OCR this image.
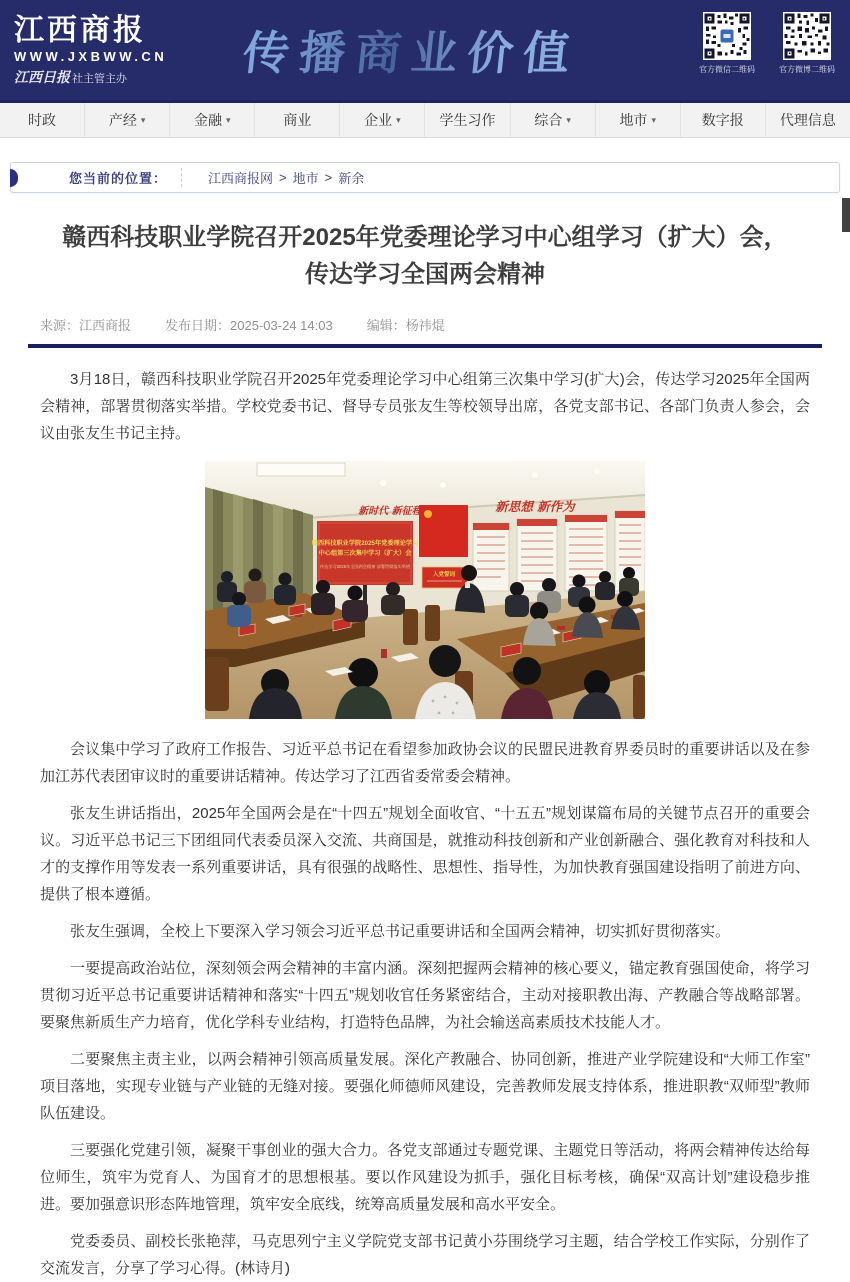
江西商报
WWW.JXBWW.CN
江西日报 社主管主办	传播商业价值	官方微信二维码	官方微博二维码
时政	产经 ▾	金融 ▾	商业	企业 ▾	学生习作	综合 ▾	地市 ▾	数字报	代理信息
您当前的位置：	江西商报网 > 地市 > 新余
赣西科技职业学院召开2025年党委理论学习中心组学习（扩大）会，传达学习全国两会精神
来源：江西商报	发布日期：2025-03-24 14:03	编辑：杨祎焜

3月18日，赣西科技职业学院召开2025年党委理论学习中心组第三次集中学习(扩大)会，传达学习2025年全国两会精神，部署贯彻落实举措。学校党委书记、督导专员张友生等校领导出席，各党支部书记、各部门负责人参会，会议由张友生书记主持。

赣西科技职业学院2025年党委理论学习
中心组第三次集中学习（扩大）会
传达学习2025年全国两会精神 部署贯彻落实举措
入党誓词
新时代 新征程	新思想 新作为

会议集中学习了政府工作报告、习近平总书记在看望参加政协会议的民盟民进教育界委员时的重要讲话以及在参加江苏代表团审议时的重要讲话精神。传达学习了江西省委常委会精神。

张友生讲话指出，2025年全国两会是在“十四五”规划全面收官、“十五五”规划谋篇布局的关键节点召开的重要会议。习近平总书记三下团组同代表委员深入交流、共商国是，就推动科技创新和产业创新融合、强化教育对科技和人才的支撑作用等发表一系列重要讲话，具有很强的战略性、思想性、指导性，为加快教育强国建设指明了前进方向、提供了根本遵循。

张友生强调，全校上下要深入学习领会习近平总书记重要讲话和全国两会精神，切实抓好贯彻落实。

一要提高政治站位，深刻领会两会精神的丰富内涵。深刻把握两会精神的核心要义，锚定教育强国使命，将学习贯彻习近平总书记重要讲话精神和落实“十四五”规划收官任务紧密结合，主动对接职教出海、产教融合等战略部署。要聚焦新质生产力培育，优化学科专业结构，打造特色品牌，为社会输送高素质技术技能人才。

二要聚焦主责主业，以两会精神引领高质量发展。深化产教融合、协同创新，推进产业学院建设和“大师工作室”项目落地，实现专业链与产业链的无缝对接。要强化师德师风建设，完善教师发展支持体系，推进职教“双师型”教师队伍建设。

三要强化党建引领，凝聚干事创业的强大合力。各党支部通过专题党课、主题党日等活动，将两会精神传达给每位师生，筑牢为党育人、为国育才的思想根基。要以作风建设为抓手，强化目标考核，确保“双高计划”建设稳步推进。要加强意识形态阵地管理，筑牢安全底线，统筹高质量发展和高水平安全。

党委委员、副校长张艳萍，马克思列宁主义学院党支部书记黄小芬围绕学习主题，结合学校工作实际，分别作了交流发言，分享了学习心得。(林诗月)
